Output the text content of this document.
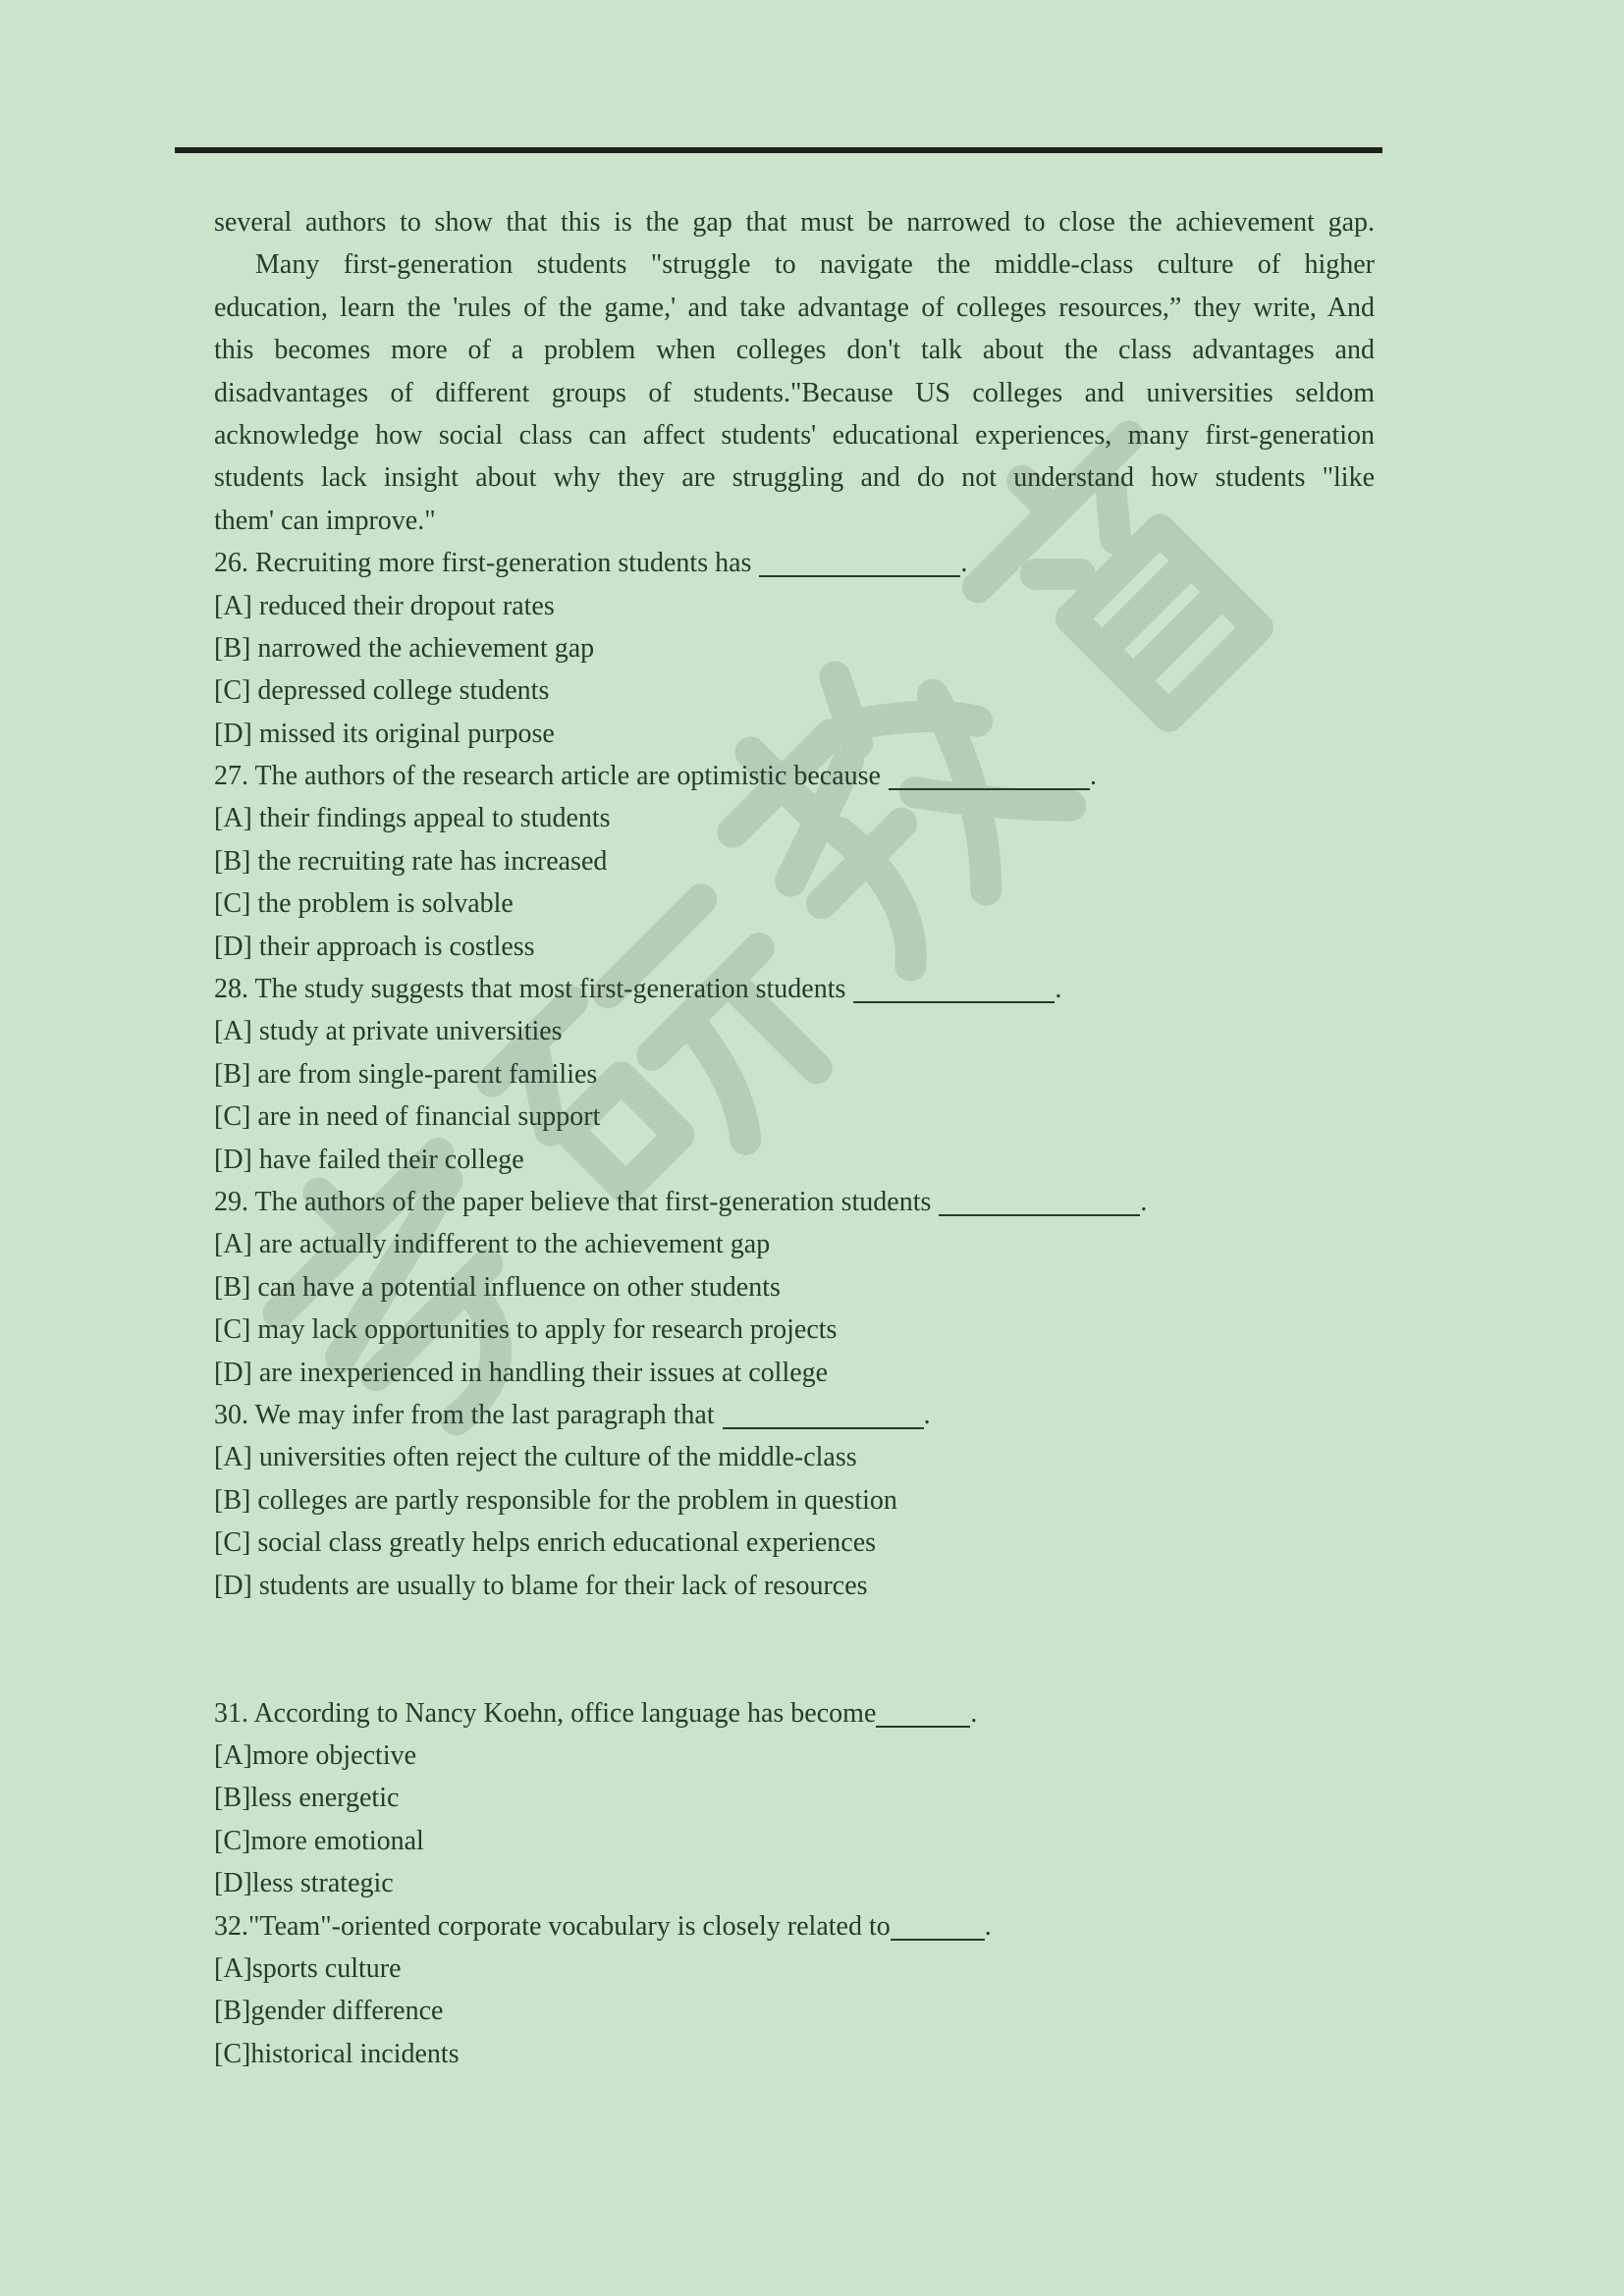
several authors to show that this is the gap that must be narrowed to close the achievement gap.
Many first-generation students "struggle to navigate the middle-class culture of higher
education, learn the 'rules of the game,' and take advantage of colleges resources,” they write, And
this becomes more of a problem when colleges don't talk about the class advantages and
disadvantages of different groups of students."Because US colleges and universities seldom
acknowledge how social class can affect students' educational experiences, many first-generation
students lack insight about why they are struggling and do not understand how students "like
them' can improve."
26. Recruiting more first-generation students has	.
[A] reduced their dropout rates
[B] narrowed the achievement gap
[C] depressed college students
[D] missed its original purpose
27. The authors of the research article are optimistic because	.
[A] their findings appeal to students
[B] the recruiting rate has increased
[C] the problem is solvable
[D] their approach is costless
28. The study suggests that most first-generation students	.
[A] study at private universities
[B] are from single-parent families
[C] are in need of financial support
[D] have failed their college
29. The authors of the paper believe that first-generation students	.
[A] are actually indifferent to the achievement gap
[B] can have a potential influence on other students
[C] may lack opportunities to apply for research projects
[D] are inexperienced in handling their issues at college
30. We may infer from the last paragraph that	.
[A] universities often reject the culture of the middle-class
[B] colleges are partly responsible for the problem in question
[C] social class greatly helps enrich educational experiences
[D] students are usually to blame for their lack of resources
31. According to Nancy Koehn, office language has become	.
[A]more objective
[B]less energetic
[C]more emotional
[D]less strategic
32."Team"-oriented corporate vocabulary is closely related to	.
[A]sports culture
[B]gender difference
[C]historical incidents
